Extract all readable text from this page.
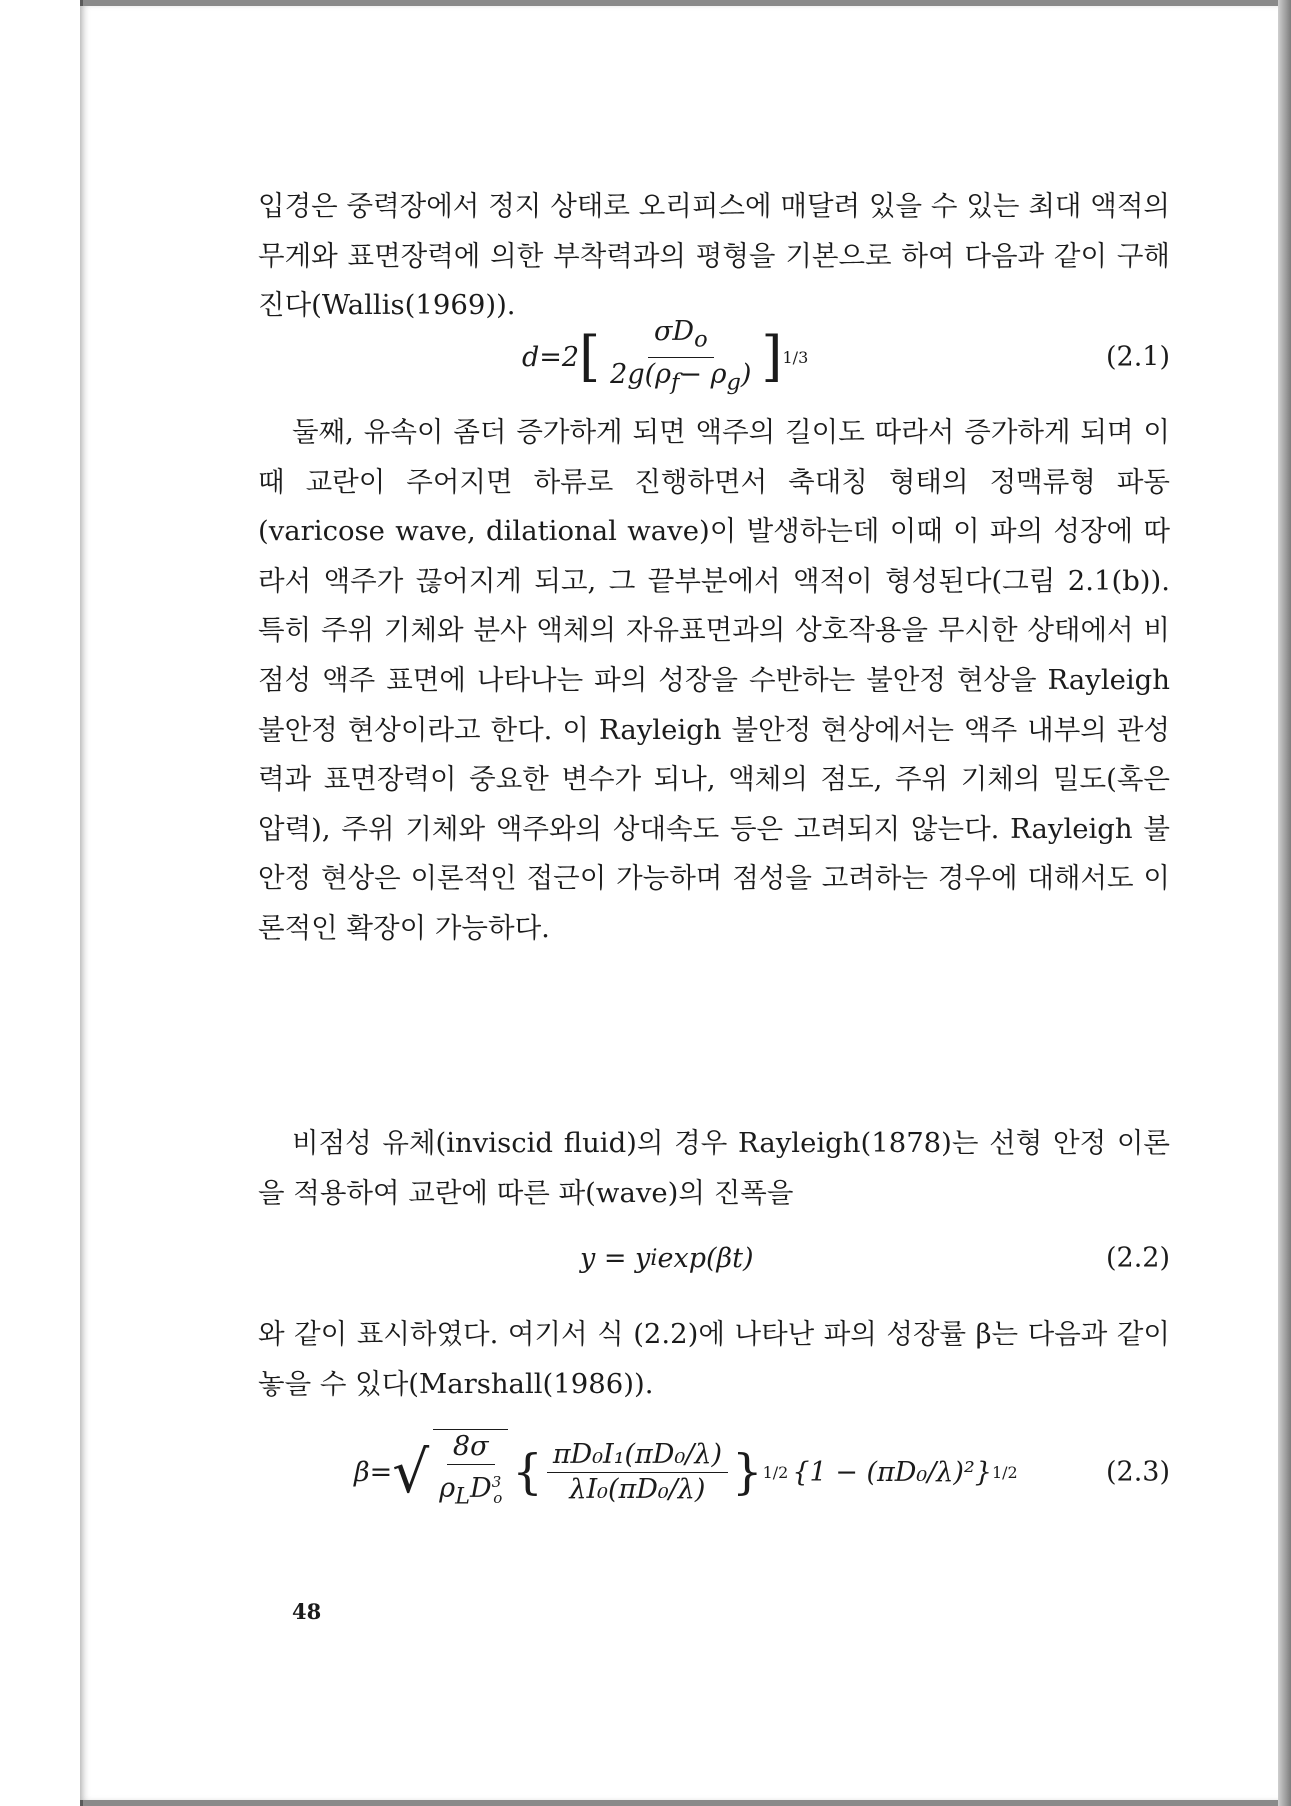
입경은 중력장에서 정지 상태로 오리피스에 매달려 있을 수 있는 최대 액적의 무게와 표면장력에 의한 부착력과의 평형을 기본으로 하여 다음과 같이 구해진다(Wallis(1969)).
d=2 [ $\frac{\sigma D_o}{2g(\rho_f- \rho_g)}$ ] 1/3	(2.1)
둘째, 유속이 좀더 증가하게 되면 액주의 길이도 따라서 증가하게 되며 이때 교란이 주어지면 하류로 진행하면서 축대칭 형태의 정맥류형 파동(varicose wave, dilational wave)이 발생하는데 이때 이 파의 성장에 따라서 액주가 끊어지게 되고, 그 끝부분에서 액적이 형성된다(그림 2.1(b)). 특히 주위 기체와 분사 액체의 자유표면과의 상호작용을 무시한 상태에서 비점성 액주 표면에 나타나는 파의 성장을 수반하는 불안정 현상을 Rayleigh 불안정 현상이라고 한다. 이 Rayleigh 불안정 현상에서는 액주 내부의 관성력과 표면장력이 중요한 변수가 되나, 액체의 점도, 주위 기체의 밀도(혹은 압력), 주위 기체와 액주와의 상대속도 등은 고려되지 않는다. Rayleigh 불안정 현상은 이론적인 접근이 가능하며 점성을 고려하는 경우에 대해서도 이론적인 확장이 가능하다.
비점성 유체(inviscid fluid)의 경우 Rayleigh(1878)는 선형 안정 이론을 적용하여 교란에 따른 파(wave)의 진폭을
y = y i exp(βt)	(2.2)
와 같이 표시하였다. 여기서 식 (2.2)에 나타난 파의 성장률 β는 다음과 같이 놓을 수 있다(Marshall(1986)).
β= √ $\frac{8\sigma}{\rho_LD^3_o}$ { $\frac{\text{πD₀I₁(πD₀/λ)}}{\text{λI₀(πD₀/λ)}}$ } 1/2 {1 − (πD₀/λ)²} 1/2	(2.3)
48
